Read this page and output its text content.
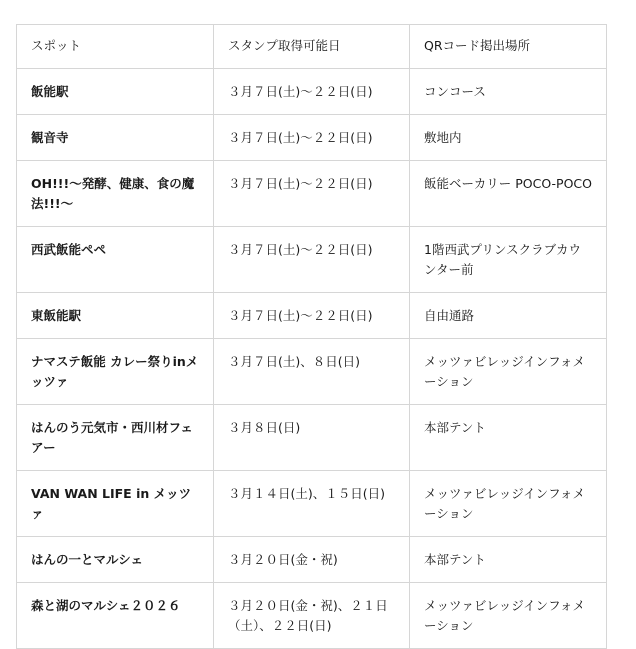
スポット	スタンプ取得可能日	QRコード掲出場所
飯能駅	３月７日(土)〜２２日(日)	コンコース
観音寺	３月７日(土)〜２２日(日)	敷地内
OH!!!〜発酵、健康、食の魔法!!!〜	３月７日(土)〜２２日(日)	飯能ベーカリー POCO-POCO
西武飯能ペペ	３月７日(土)〜２２日(日)	1階西武プリンスクラブカウンター前
東飯能駅	３月７日(土)〜２２日(日)	自由通路
ナマステ飯能 カレー祭りinメッツァ	３月７日(土)、８日(日)	メッツァビレッジインフォメーション
はんのう元気市・西川材フェアー	３月８日(日)	本部テント
VAN WAN LIFE in メッツァ	３月１４日(土)、１５日(日)	メッツァビレッジインフォメーション
はんの一とマルシェ	３月２０日(金・祝)	本部テント
森と湖のマルシェ２０２６	３月２０日(金・祝)、２１日（土）、２２日(日)	メッツァビレッジインフォメーション
